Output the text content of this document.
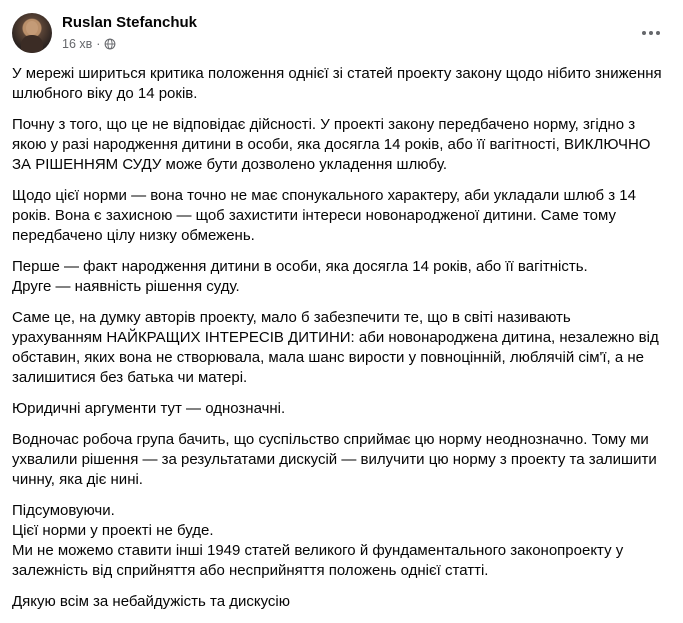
Ruslan Stefanchuk
16 хв ·

У мережі шириться критика положення однієї зі статей проекту закону щодо нібито зниження шлюбного віку до 14 років.

Почну з того, що це не відповідає дійсності. У проекті закону передбачено норму, згідно з якою у разі народження дитини в особи, яка досягла 14 років, або її вагітності, ВИКЛЮЧНО ЗА РІШЕННЯМ СУДУ може бути дозволено укладення шлюбу.

Щодо цієї норми — вона точно не має спонукального характеру, аби укладали шлюб з 14 років. Вона є захисною — щоб захистити інтереси новонародженої дитини. Саме тому передбачено цілу низку обмежень.

Перше — факт народження дитини в особи, яка досягла 14 років, або її вагітність.
Друге — наявність рішення суду.

Саме це, на думку авторів проекту, мало б забезпечити те, що в світі називають урахуванням НАЙКРАЩИХ ІНТЕРЕСІВ ДИТИНИ: аби новонароджена дитина, незалежно від обставин, яких вона не створювала, мала шанс вирости у повноцінній, люблячій сім'ї, а не залишитися без батька чи матері.

Юридичні аргументи тут — однозначні.

Водночас робоча група бачить, що суспільство сприймає цю норму неоднозначно. Тому ми ухвалили рішення — за результатами дискусій — вилучити цю норму з проекту та залишити чинну, яка діє нині.

Підсумовуючи.
Цієї норми у проекті не буде.
Ми не можемо ставити інші 1949 статей великого й фундаментального законопроекту у залежність від сприйняття або несприйняття положень однієї статті.

Дякую всім за небайдужість та дискусію
